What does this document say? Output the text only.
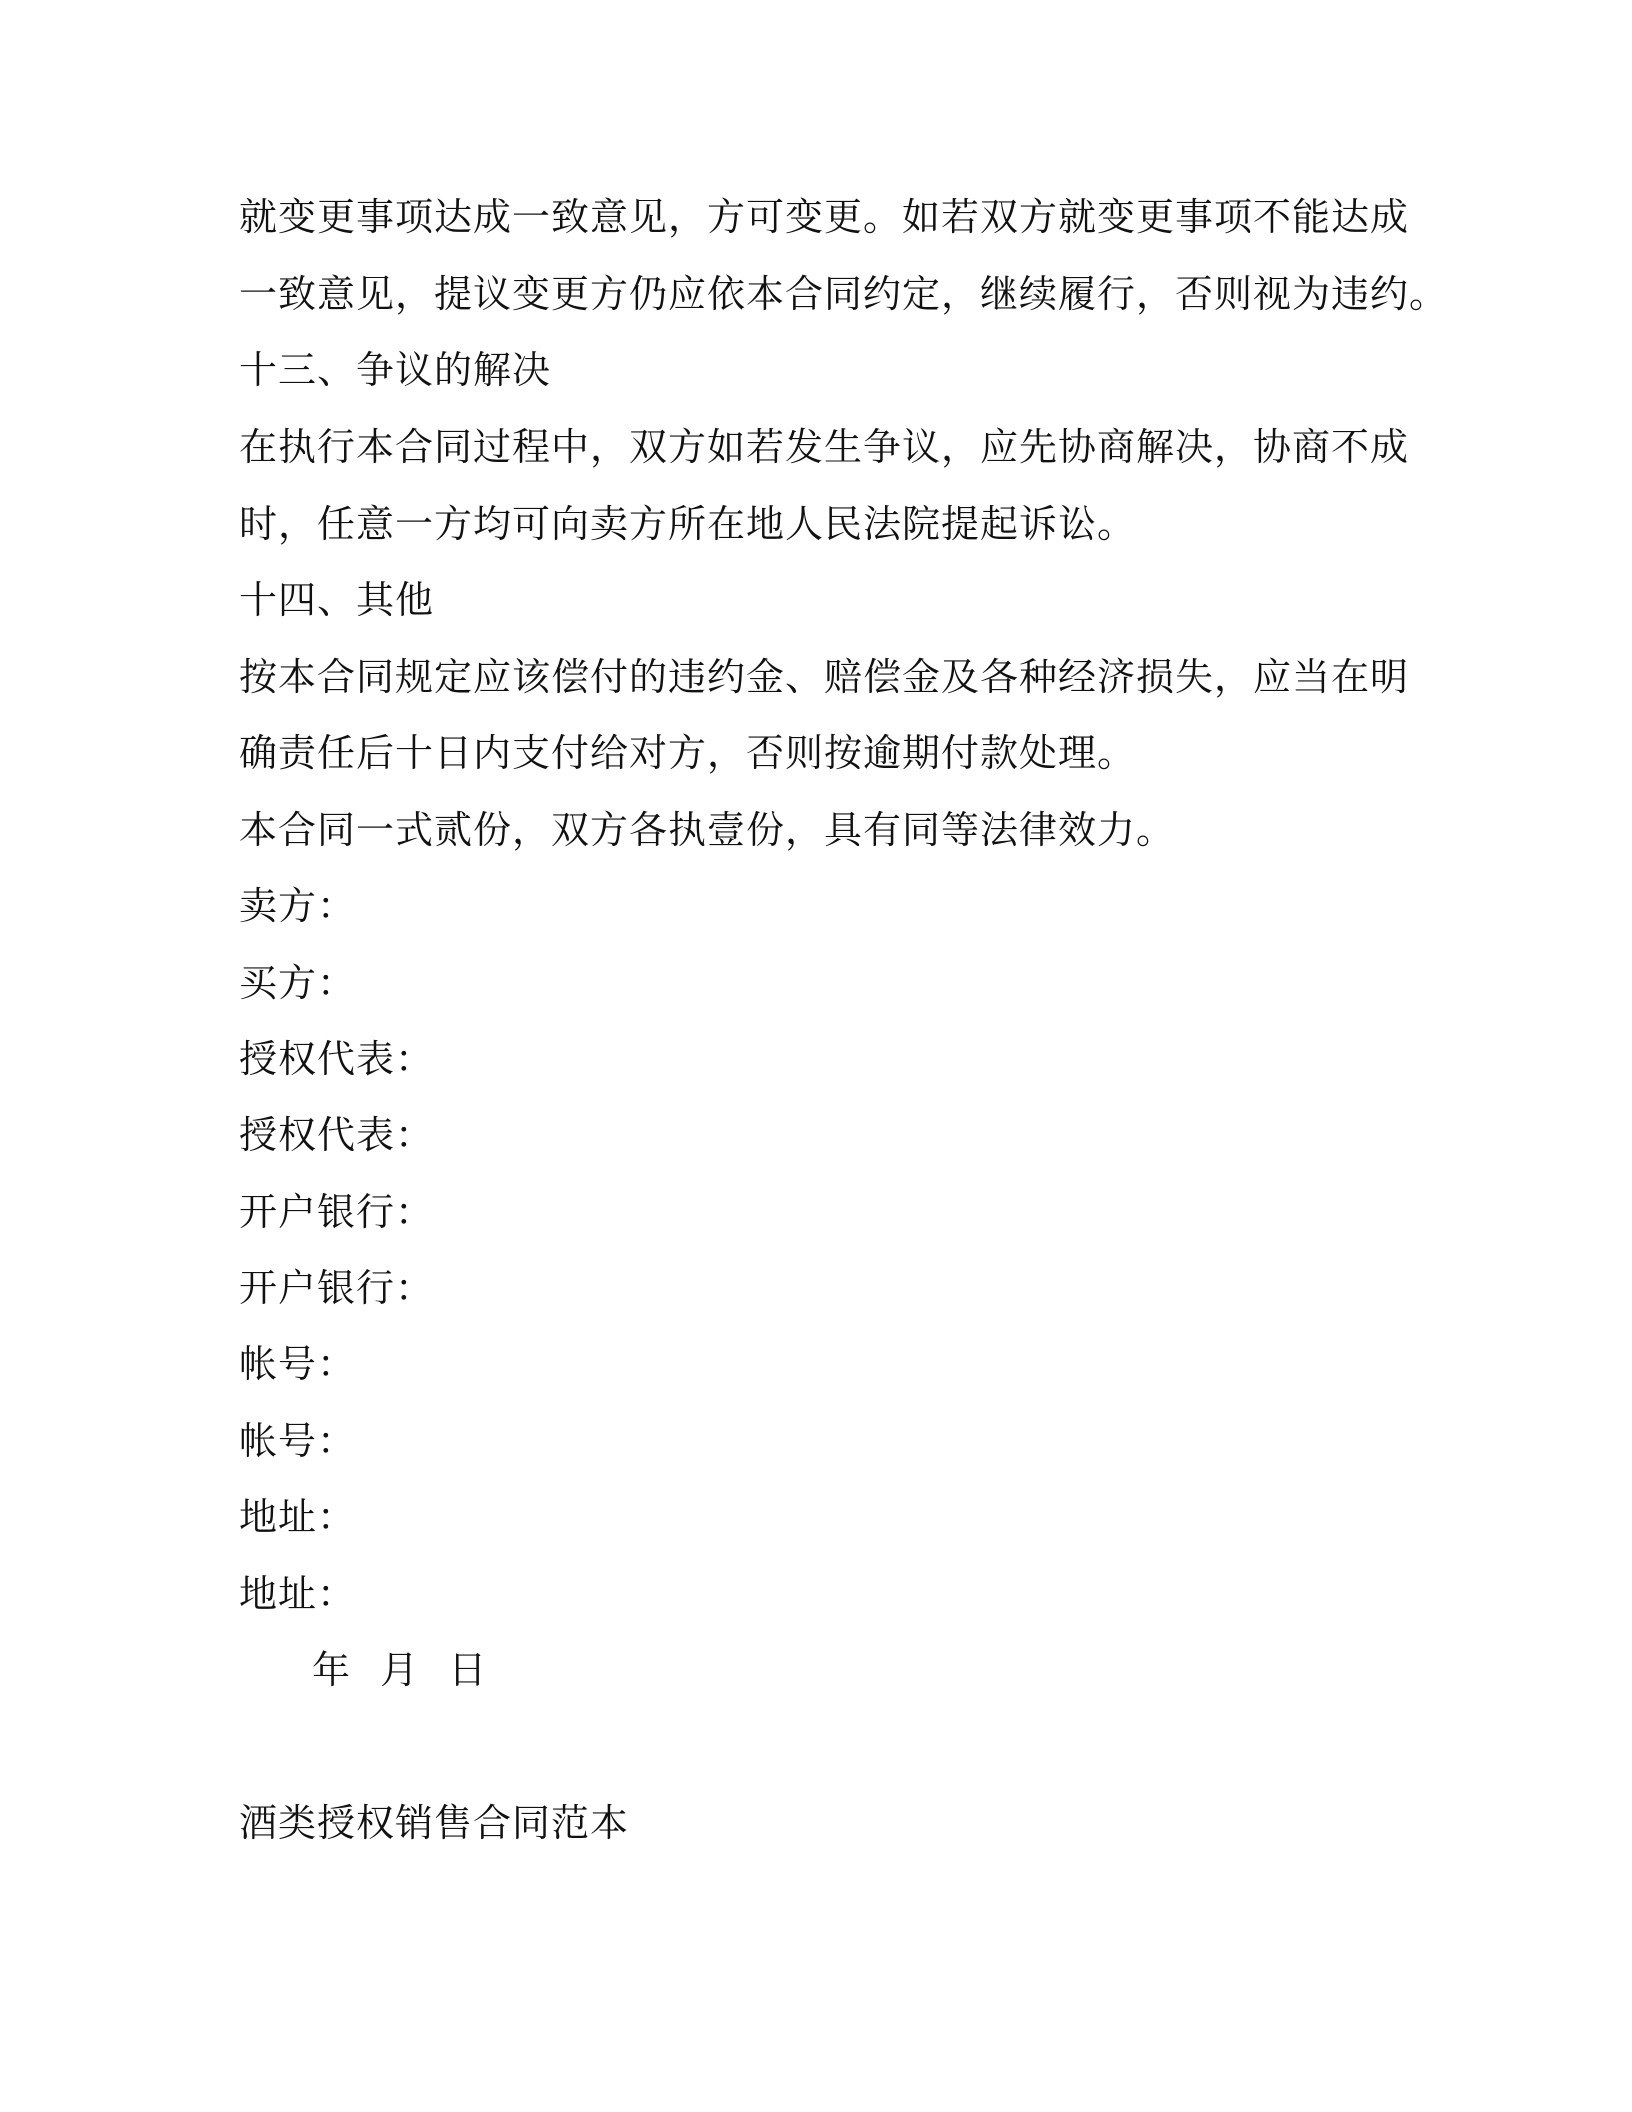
就变更事项达成一致意见，方可变更。如若双方就变更事项不能达成
一致意见，提议变更方仍应依本合同约定，继续履行，否则视为违约。
十三、争议的解决
在执行本合同过程中，双方如若发生争议，应先协商解决，协商不成
时，任意一方均可向卖方所在地人民法院提起诉讼。
十四、其他
按本合同规定应该偿付的违约金、赔偿金及各种经济损失，应当在明
确责任后十日内支付给对方，否则按逾期付款处理。
本合同一式贰份，双方各执壹份，具有同等法律效力。
卖方：
买方：
授权代表：
授权代表：
开户银行：
开户银行：
帐号：
帐号：
地址：
地址：
年  月  日
酒类授权销售合同范本
